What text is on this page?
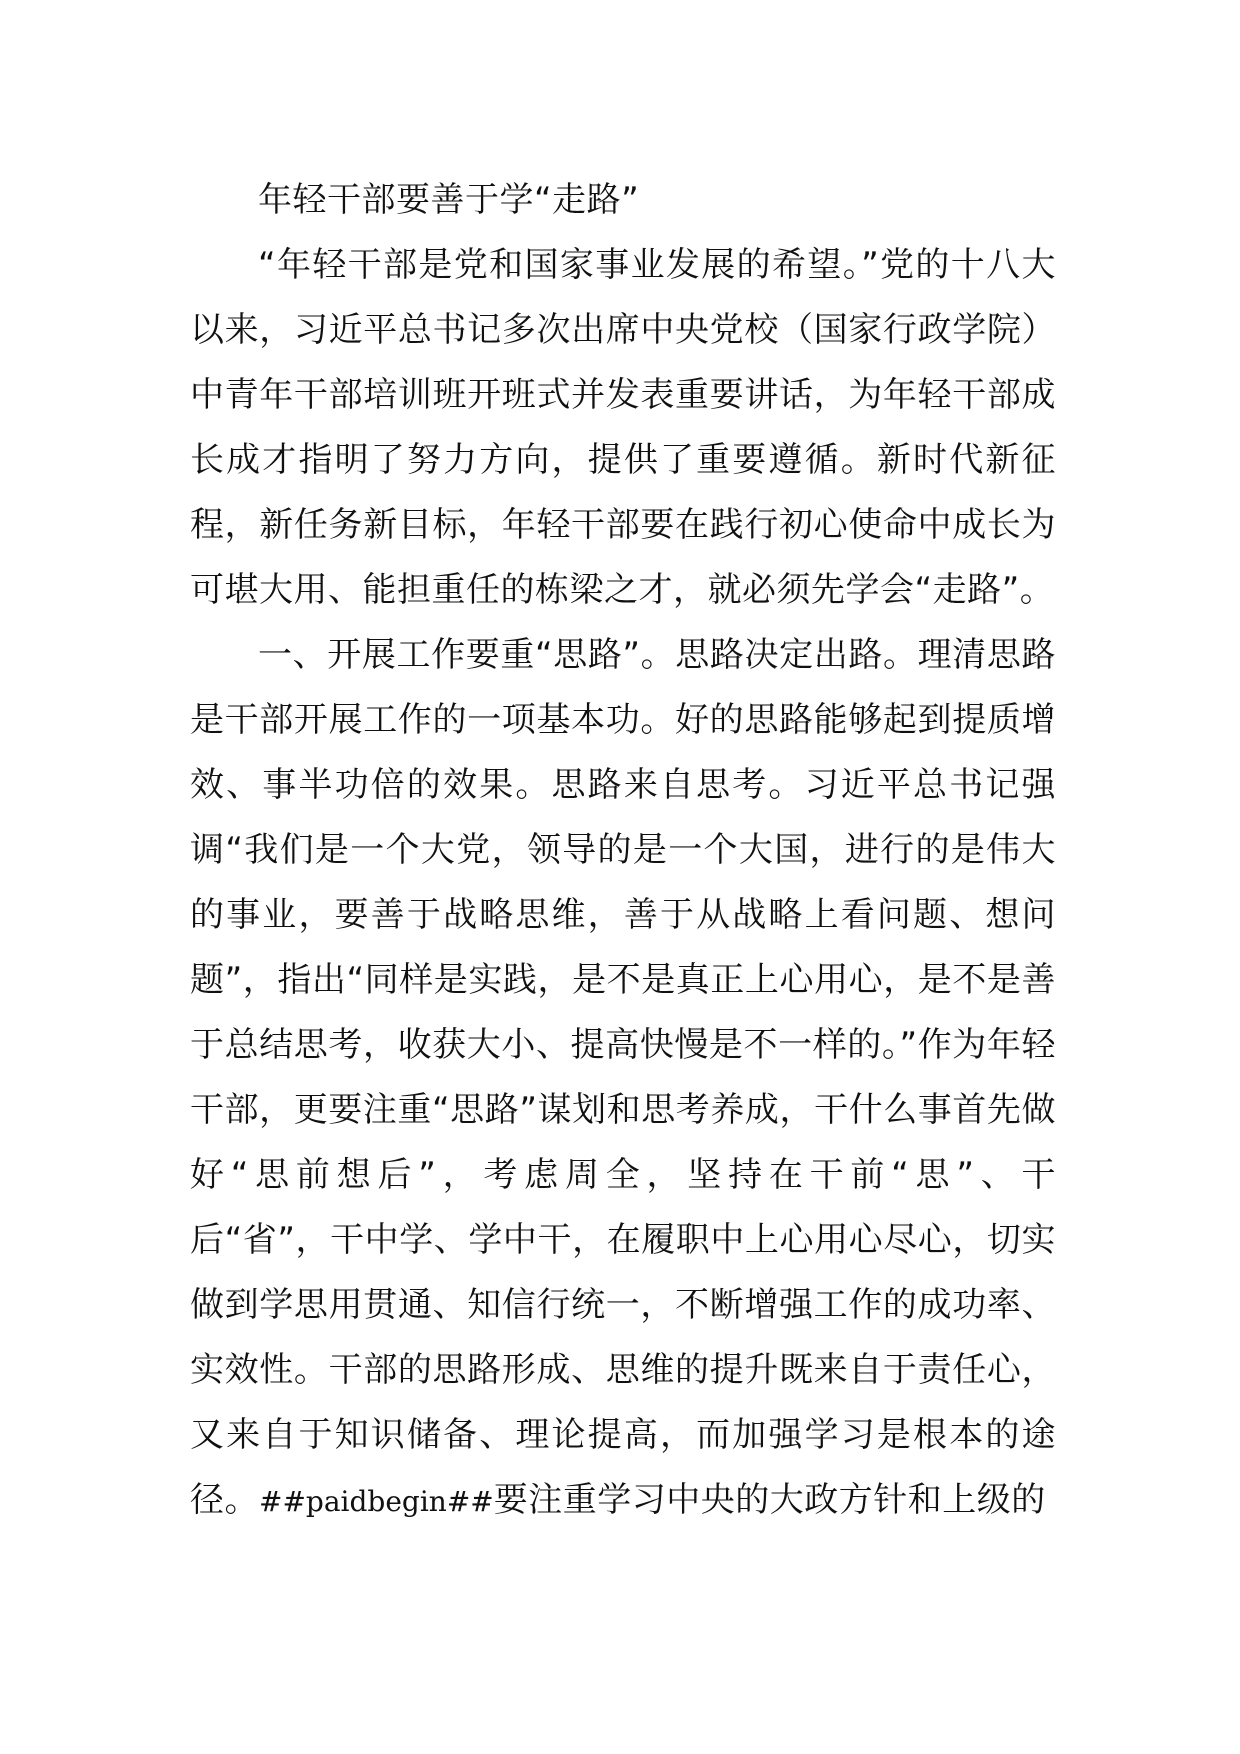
年轻干部要善于学“走路”

“年轻干部是党和国家事业发展的希望。”党的十八大以来，习近平总书记多次出席中央党校（国家行政学院）中青年干部培训班开班式并发表重要讲话，为年轻干部成长成才指明了努力方向，提供了重要遵循。新时代新征程，新任务新目标，年轻干部要在践行初心使命中成长为可堪大用、能担重任的栋梁之才，就必须先学会“走路”。

一、开展工作要重“思路”。思路决定出路。理清思路是干部开展工作的一项基本功。好的思路能够起到提质增效、事半功倍的效果。思路来自思考。习近平总书记强调“我们是一个大党，领导的是一个大国，进行的是伟大的事业，要善于战略思维，善于从战略上看问题、想问题”，指出“同样是实践，是不是真正上心用心，是不是善于总结思考，收获大小、提高快慢是不一样的。”作为年轻干部，更要注重“思路”谋划和思考养成，干什么事首先做好“思前想后”，考虑周全，坚持在干前“思”、干后“省”，干中学、学中干，在履职中上心用心尽心，切实做到学思用贯通、知信行统一，不断增强工作的成功率、实效性。干部的思路形成、思维的提升既来自于责任心，又来自于知识储备、理论提高，而加强学习是根本的途径。##paidbegin##要注重学习中央的大政方针和上级的
